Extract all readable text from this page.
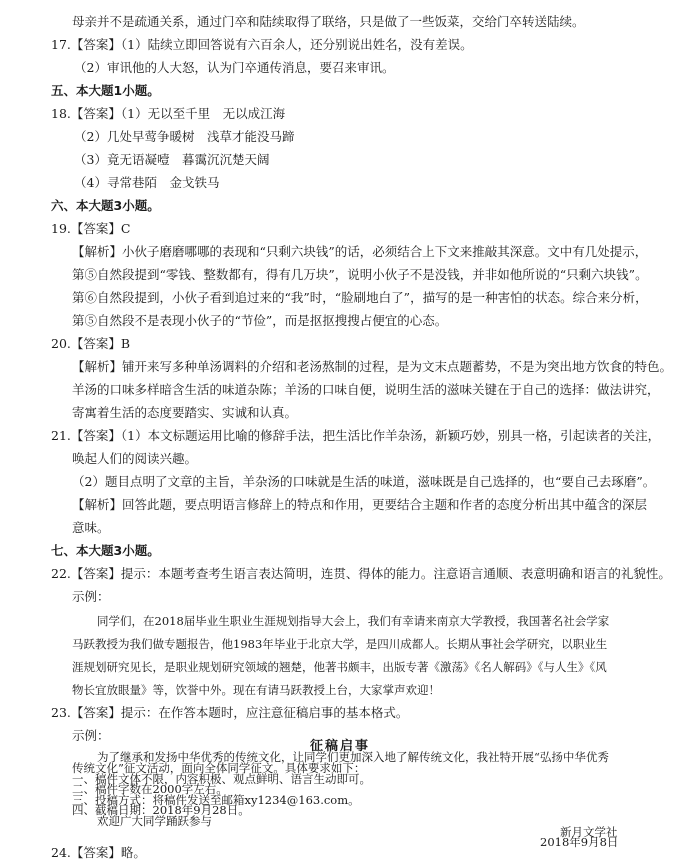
母亲并不是疏通关系，通过门卒和陆续取得了联络，只是做了一些饭菜，交给门卒转送陆续。
17.【答案】（1）陆续立即回答说有六百余人，还分别说出姓名，没有差误。
（2）审讯他的人大怒，认为门卒通传消息，要召来审讯。
五、本大题1小题。
18.【答案】（1）无以至千里　无以成江海
（2）几处早莺争暖树　浅草才能没马蹄
（3）竟无语凝噎　暮霭沉沉楚天阔
（4）寻常巷陌　金戈铁马
六、本大题3小题。
19.【答案】C
【解析】小伙子磨磨哪哪的表现和“只剩六块钱”的话，必须结合上下文来推敲其深意。文中有几处提示，
第⑤自然段提到“零钱、整数都有，得有几万块”，说明小伙子不是没钱，并非如他所说的“只剩六块钱”。
第⑥自然段提到，小伙子看到追过来的“我”时，“脸刷地白了”，描写的是一种害怕的状态。综合来分析，
第⑤自然段不是表现小伙子的“节俭”，而是抠抠搜搜占便宜的心态。
20.【答案】B
【解析】铺开来写多种单汤调料的介绍和老汤熬制的过程，是为文末点题蓄势，不是为突出地方饮食的特色。
羊汤的口味多样暗含生活的味道杂陈；羊汤的口味自便，说明生活的滋味关键在于自己的选择：做法讲究，
寄寓着生活的态度要踏实、实诚和认真。
21.【答案】（1）本文标题运用比喻的修辞手法，把生活比作羊杂汤，新颖巧妙，别具一格，引起读者的关注，
唤起人们的阅读兴趣。
（2）题目点明了文章的主旨，羊杂汤的口味就是生活的味道，滋味既是自己选择的，也“要自己去琢磨”。
【解析】回答此题，要点明语言修辞上的特点和作用，更要结合主题和作者的态度分析出其中蕴含的深层
意味。
七、本大题3小题。
22.【答案】提示：本题考查考生语言表达简明，连贯、得体的能力。注意语言通顺、表意明确和语言的礼貌性。
示例：
同学们，在2018届毕业生职业生涯规划指导大会上，我们有幸请来南京大学教授，我国著名社会学家
马跃教授为我们做专题报告，他1983年毕业于北京大学，是四川成都人。长期从事社会学研究，以职业生
涯规划研究见长，是职业规划研究领域的翘楚，他著书颇丰，出版专著《激荡》《名人解码》《与人生》《风
物长宜放眼量》等，饮誉中外。现在有请马跃教授上台，大家掌声欢迎！
23.【答案】提示：在作答本题时，应注意征稿启事的基本格式。
示例：
征稿启事
为了继承和发扬中华优秀的传统文化，让同学们更加深入地了解传统文化，我社特开展“弘扬中华优秀
传统文化”征文活动，面向全体同学征文。具体要求如下：
一、稿件文体不限，内容积极、观点鲜明、语言生动即可。
二、稿件字数在2000字左右。
三、投稿方式：将稿件发送至邮箱xy1234@163.com。
四、截稿日期：2018年9月28日。
欢迎广大同学踊跃参与
新月文学社
2018年9月8日
24.【答案】略。
